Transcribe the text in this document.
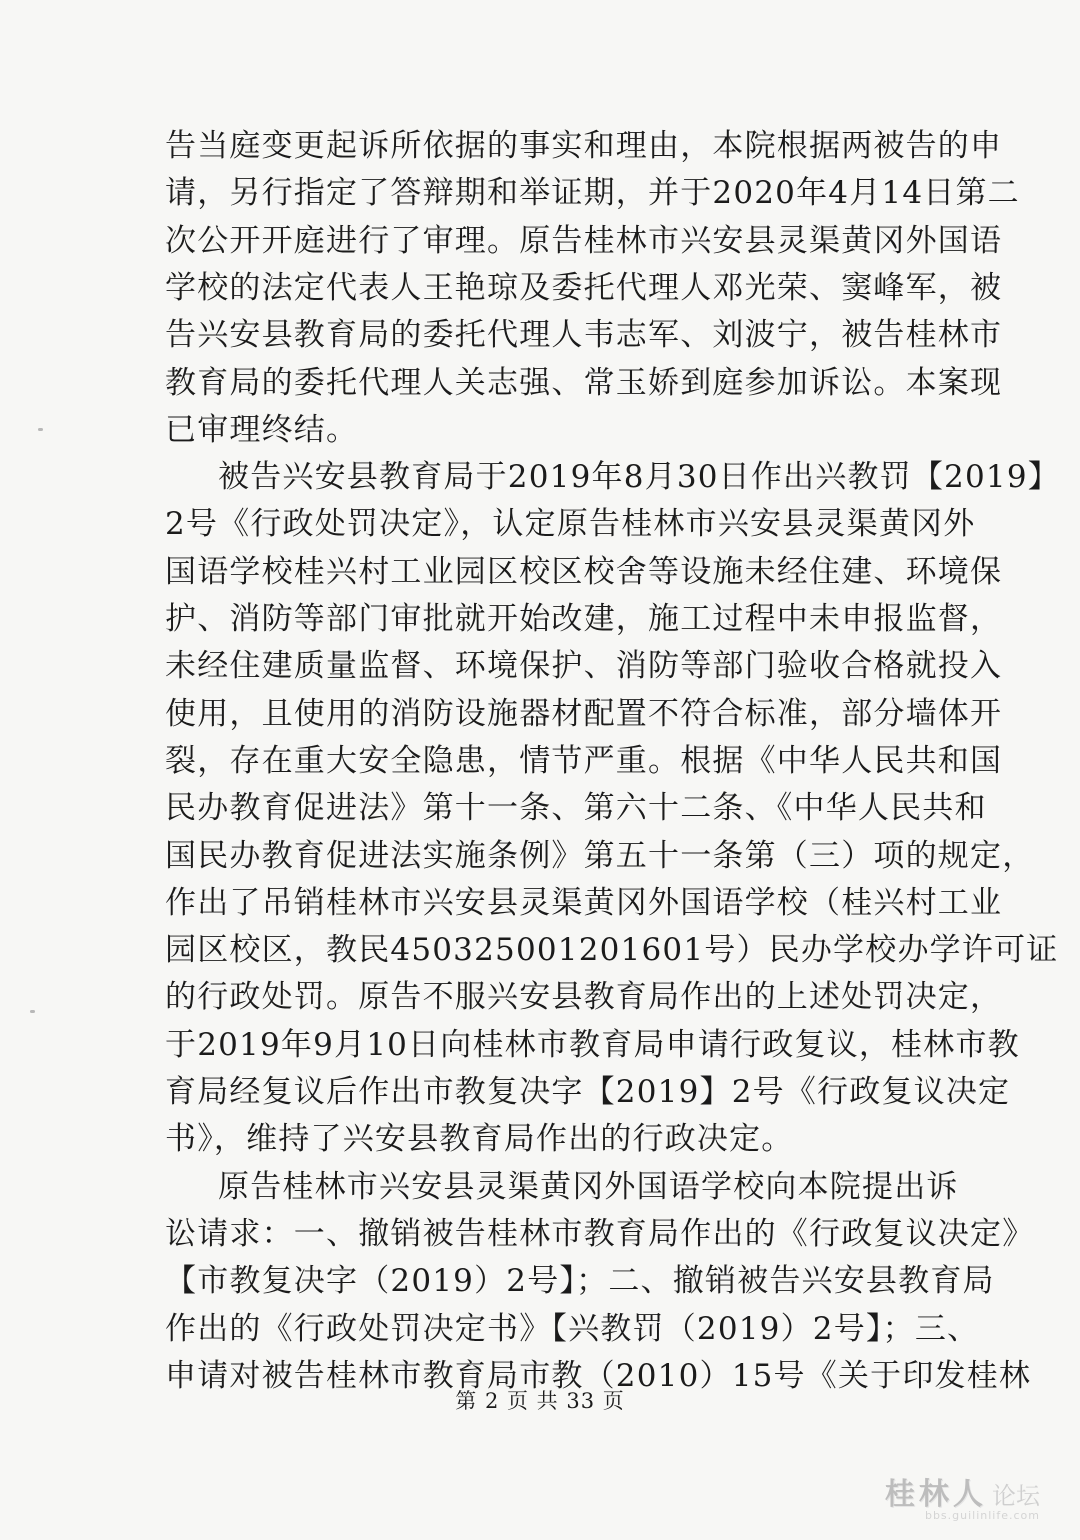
告当庭变更起诉所依据的事实和理由，本院根据两被告的申
请，另行指定了答辩期和举证期，并于2020年4月14日第二
次公开开庭进行了审理。原告桂林市兴安县灵渠黄冈外国语
学校的法定代表人王艳琼及委托代理人邓光荣、窦峰军，被
告兴安县教育局的委托代理人韦志军、刘波宁，被告桂林市
教育局的委托代理人关志强、常玉娇到庭参加诉讼。本案现
已审理终结。
被告兴安县教育局于2019年8月30日作出兴教罚【2019】
2号《行政处罚决定》，认定原告桂林市兴安县灵渠黄冈外
国语学校桂兴村工业园区校区校舍等设施未经住建、环境保
护、消防等部门审批就开始改建，施工过程中未申报监督，
未经住建质量监督、环境保护、消防等部门验收合格就投入
使用，且使用的消防设施器材配置不符合标准，部分墙体开
裂，存在重大安全隐患，情节严重。根据《中华人民共和国
民办教育促进法》第十一条、第六十二条、《中华人民共和
国民办教育促进法实施条例》第五十一条第（三）项的规定，
作出了吊销桂林市兴安县灵渠黄冈外国语学校（桂兴村工业
园区校区，教民450325001201601号）民办学校办学许可证
的行政处罚。原告不服兴安县教育局作出的上述处罚决定，
于2019年9月10日向桂林市教育局申请行政复议，桂林市教
育局经复议后作出市教复决字【2019】2号《行政复议决定
书》，维持了兴安县教育局作出的行政决定。
原告桂林市兴安县灵渠黄冈外国语学校向本院提出诉
讼请求：一、撤销被告桂林市教育局作出的《行政复议决定》
【市教复决字（2019）2号】；二、撤销被告兴安县教育局
作出的《行政处罚决定书》【兴教罚（2019）2号】；三、
申请对被告桂林市教育局市教（2010）15号《关于印发桂林
第 2 页 共 33 页
桂林人 论坛
bbs.guilinlife.com
